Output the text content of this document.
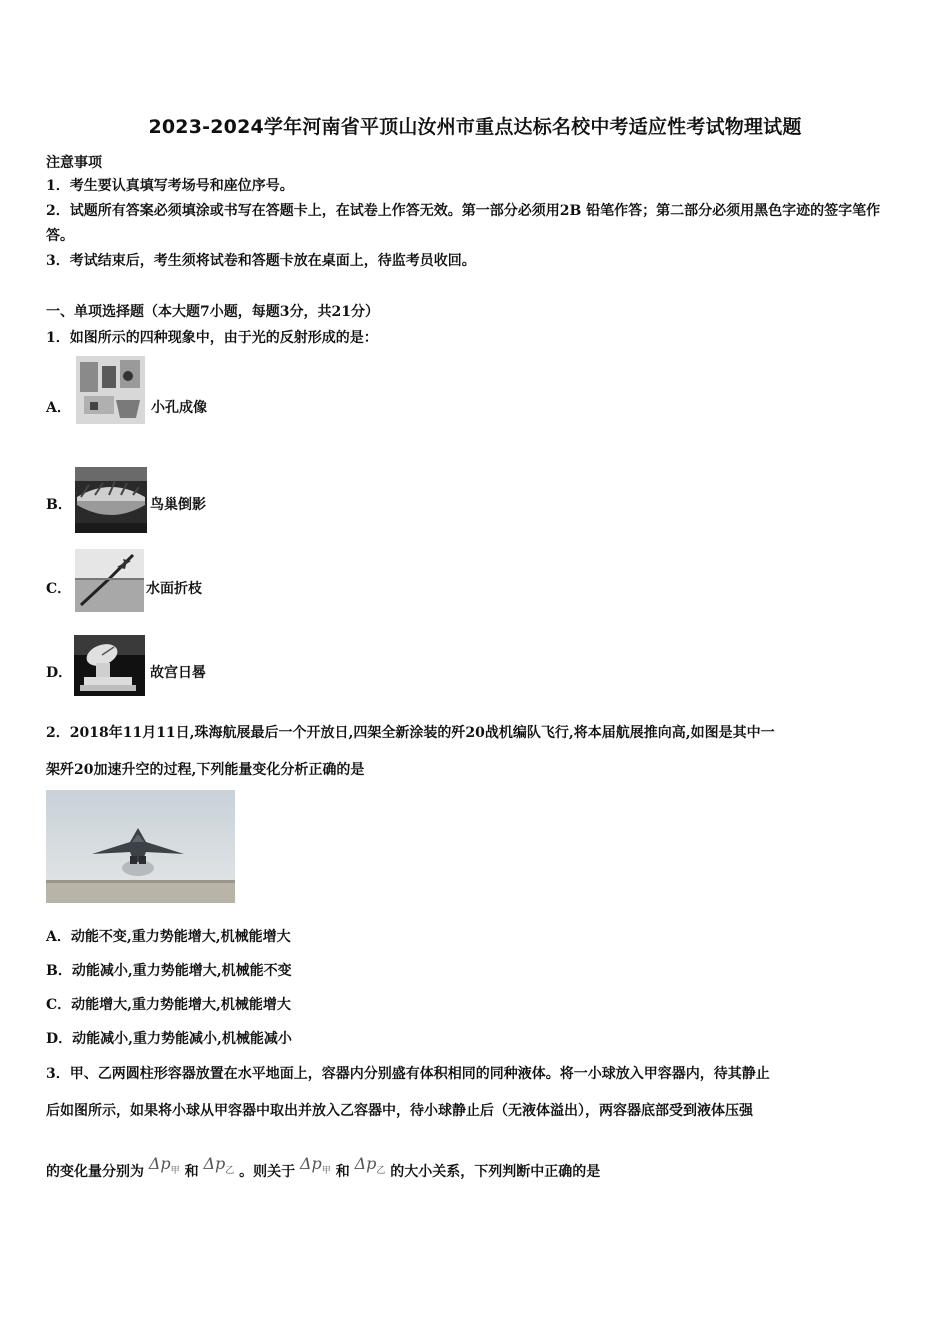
2023-2024学年河南省平顶山汝州市重点达标名校中考适应性考试物理试题
注意事项
1．考生要认真填写考场号和座位序号。
2．试题所有答案必须填涂或书写在答题卡上，在试卷上作答无效。第一部分必须用2B 铅笔作答；第二部分必须用黑色字迹的签字笔作答。
3．考试结束后，考生须将试卷和答题卡放在桌面上，待监考员收回。
一、单项选择题（本大题7小题，每题3分，共21分）
1．如图所示的四种现象中，由于光的反射形成的是：
A．	小孔成像
B．	鸟巢倒影
C．	水面折枝
D．	故宫日晷
2．2018年11月11日,珠海航展最后一个开放日,四架全新涂装的歼20战机编队飞行,将本届航展推向高,如图是其中一
架歼20加速升空的过程,下列能量变化分析正确的是
A．动能不变,重力势能增大,机械能增大
B．动能减小,重力势能增大,机械能不变
C．动能增大,重力势能增大,机械能增大
D．动能减小,重力势能减小,机械能减小
3．甲、乙两圆柱形容器放置在水平地面上，容器内分别盛有体积相同的同种液体。将一小球放入甲容器内，待其静止
后如图所示，如果将小球从甲容器中取出并放入乙容器中，待小球静止后（无液体溢出），两容器底部受到液体压强
的变化量分别为 $\Delta p_甲$ 和 $\Delta p_乙$ 。则关于 $\Delta p_甲$ 和 $\Delta p_乙$ 的大小关系，下列判断中正确的是
